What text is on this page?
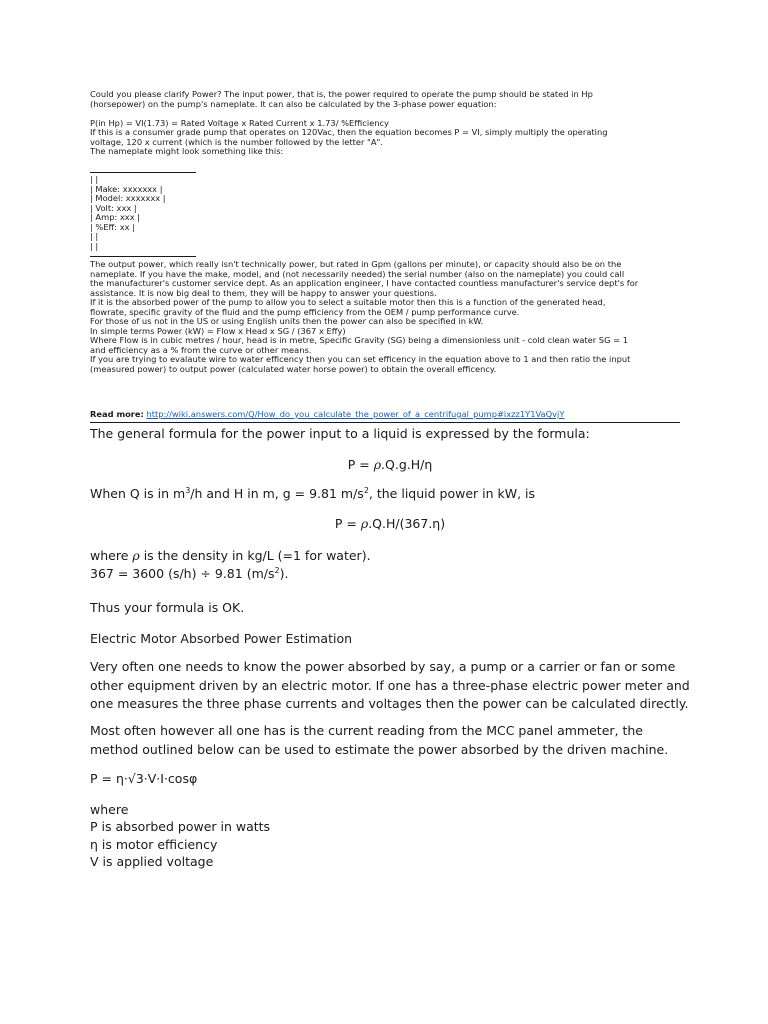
Could you please clarify Power? The input power, that is, the power required to operate the pump should be stated in Hp
(horsepower) on the pump's nameplate. It can also be calculated by the 3-phase power equation:
P(in Hp) = VI(1.73) = Rated Voltage x Rated Current x 1.73/ %Efficiency
If this is a consumer grade pump that operates on 120Vac, then the equation becomes P = VI, simply multiply the operating
voltage, 120 x current (which is the number followed by the letter "A".
The nameplate might look something like this:
| |
| Make: xxxxxxx |
| Model: xxxxxxx |
| Volt: xxx |
| Amp: xxx |
| %Eff: xx |
| |
| |
The output power, which really isn't technically power, but rated in Gpm (gallons per minute), or capacity should also be on the
nameplate. If you have the make, model, and (not necessarily needed) the serial number (also on the nameplate) you could call
the manufacturer's customer service dept. As an application engineer, I have contacted countless manufacturer's service dept's for
assistance. It is now big deal to them, they will be happy to answer your questions.
If it is the absorbed power of the pump to allow you to select a suitable motor then this is a function of the generated head,
flowrate, specific gravity of the fluid and the pump efficiency from the OEM / pump performance curve.
For those of us not in the US or using English units then the power can also be specified in kW.
In simple terms Power (kW) = Flow x Head x SG / (367 x Effy)
Where Flow is in cubic metres / hour, head is in metre, Specific Gravity (SG) being a dimensionless unit - cold clean water SG = 1
and efficiency as a % from the curve or other means.
If you are trying to evalaute wire to water efficency then you can set efficency in the equation above to 1 and then ratio the input
(measured power) to output power (calculated water horse power) to obtain the overall efficency.
Read more: http://wiki.answers.com/Q/How_do_you_calculate_the_power_of_a_centrifugal_pump#ixzz1Y1VaQvjY
The general formula for the power input to a liquid is expressed by the formula:
P = ρ.Q.g.H/η
When Q is in $m^3/h$ and H in m, g = 9.81 $m/s^2$, the liquid power in kW, is
P = ρ.Q.H/(367.η)
where ρ is the density in kg/L (=1 for water).
367 = 3600 (s/h) ÷ 9.81 $(m/s^2)$.
Thus your formula is OK.
Electric Motor Absorbed Power Estimation
Very often one needs to know the power absorbed by say, a pump or a carrier or fan or some other equipment driven by an electric motor. If one has a three-phase electric power meter and one measures the three phase currents and voltages then the power can be calculated directly.
Most often however all one has is the current reading from the MCC panel ammeter, the method outlined below can be used to estimate the power absorbed by the driven machine.
P = η·√3·V·I·cosφ
where
P is absorbed power in watts
η is motor efficiency
V is applied voltage
